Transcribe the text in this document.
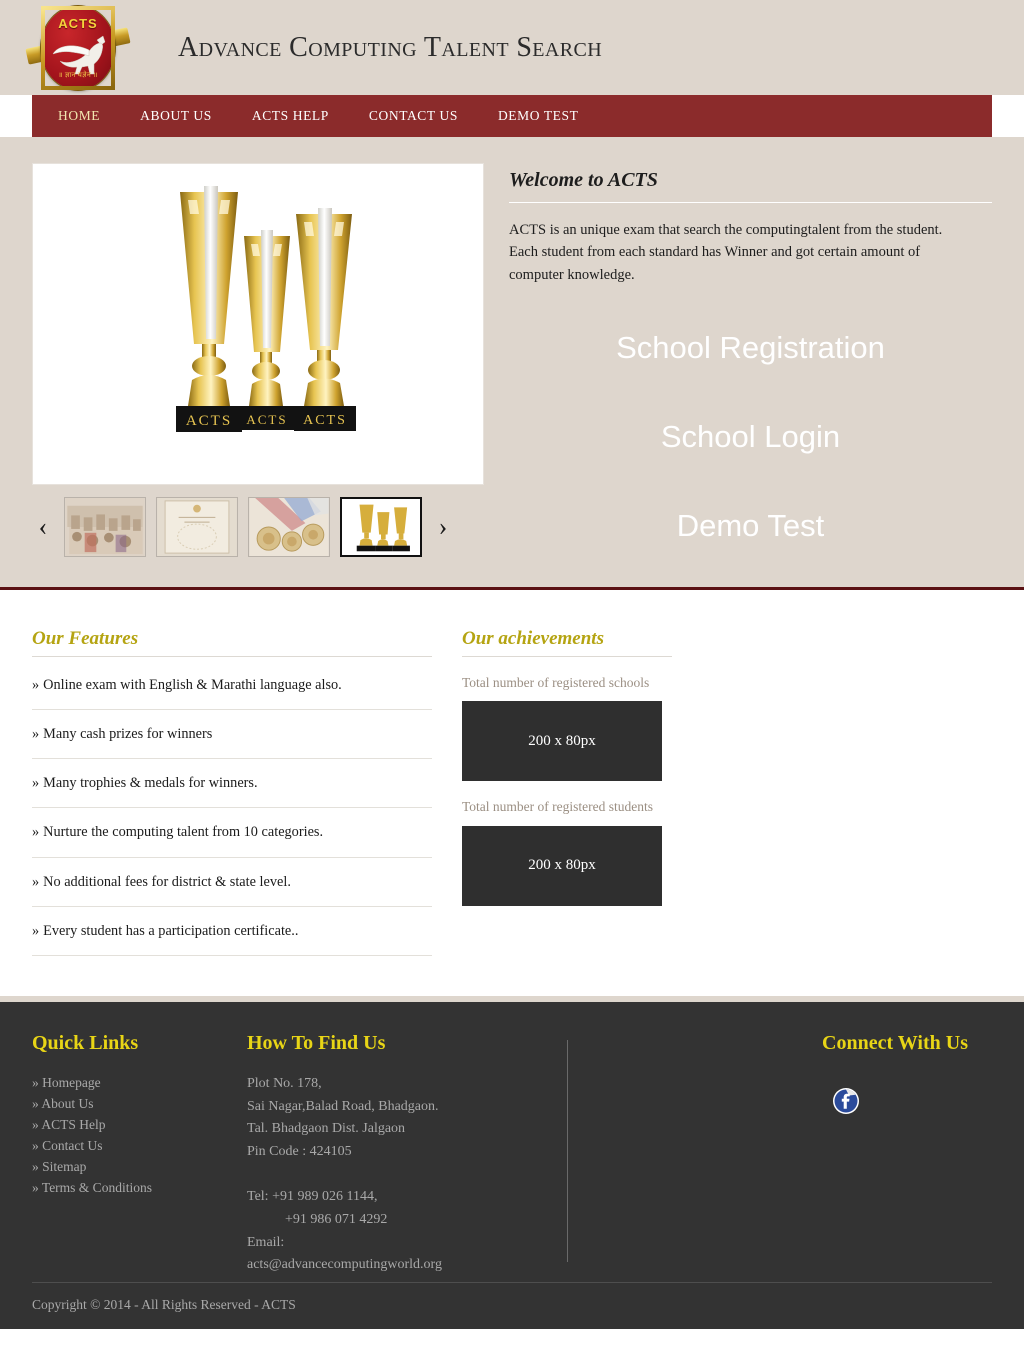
ACTS
॥ ज्ञान यज्ञेन ॥
Advance Computing Talent Search
HOME	ABOUT US	ACTS HELP	CONTACT US	DEMO TEST
ACTS ACTS ACTS
‹	›
Welcome to ACTS

ACTS is an unique exam that search the computingtalent from the student. Each student from each standard has Winner and got certain amount of computer knowledge.

School Registration
School Login
Demo Test
Our Features
» Online exam with English & Marathi language also.
» Many cash prizes for winners
» Many trophies & medals for winners.
» Nurture the computing talent from 10 categories.
» No additional fees for district & state level.
» Every student has a participation certificate..
Our achievements
Total number of registered schools
200 x 80px
Total number of registered students
200 x 80px
Quick Links
» Homepage
» About Us
» ACTS Help
» Contact Us
» Sitemap
» Terms & Conditions
How To Find Us

Plot No. 178,
Sai Nagar,Balad Road, Bhadgaon.
Tal. Bhadgaon Dist. Jalgaon
Pin Code : 424105

Tel: +91 989 026 1144,
+91 986 071 4292
Email:
acts@advancecomputingworld.org

Connect With Us
Copyright © 2014 - All Rights Reserved - ACTS
